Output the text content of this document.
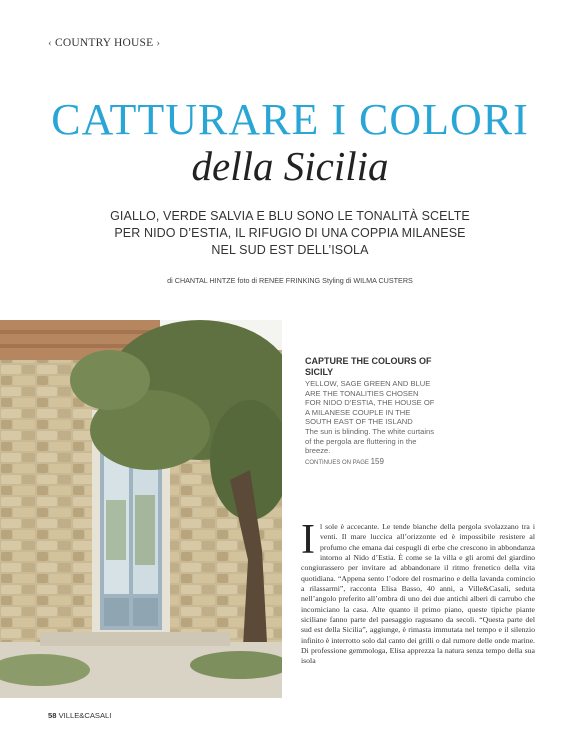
‹ COUNTRY HOUSE ›
CATTURARE I COLORI
della Sicilia
GIALLO, VERDE SALVIA E BLU SONO LE TONALITÀ SCELTE PER NIDO D’ESTIA, IL RIFUGIO DI UNA COPPIA MILANESE NEL SUD EST DELL’ISOLA
di CHANTAL HINTZE foto di RENEE FRINKING Styling di WILMA CUSTERS
CAPTURE THE COLOURS OF SICILY
YELLOW, SAGE GREEN AND BLUE ARE THE TONALITIES CHOSEN FOR NIDO D’ESTIA, THE HOUSE OF A MILANESE COUPLE IN THE SOUTH EAST OF THE ISLAND
The sun is blinding. The white curtains of the pergola are fluttering in the breeze.
CONTINUES ON PAGE 159
I l sole è accecante. Le tende bianche della pergola svolazzano tra i venti. Il mare luccica all’orizzonte ed è impossibile resistere al profumo che emana dai cespugli di erbe che crescono in abbondanza intorno al Nido d’Estia. È come se la villa e gli aromi del giardino congiurassero per invitare ad abbandonare il ritmo frenetico della vita quotidiana. “Appena sento l’odore del rosmarino e della lavanda comincio a rilassarmi”, racconta Elisa Basso, 40 anni, a Ville&Casali, seduta nell’angolo preferito all’ombra di uno dei due antichi alberi di carrubo che incorniciano la casa. Alte quanto il primo piano, queste tipiche piante siciliane fanno parte del paesaggio ragusano da secoli. “Questa parte del sud est della Sicilia”, aggiunge, è rimasta immutata nel tempo e il silenzio infinito è interrotto solo dal canto dei grilli o dal rumore delle onde marine. Di professione gemmologa, Elisa apprezza la natura senza tempo della sua isola
58 VILLE&CASALI
